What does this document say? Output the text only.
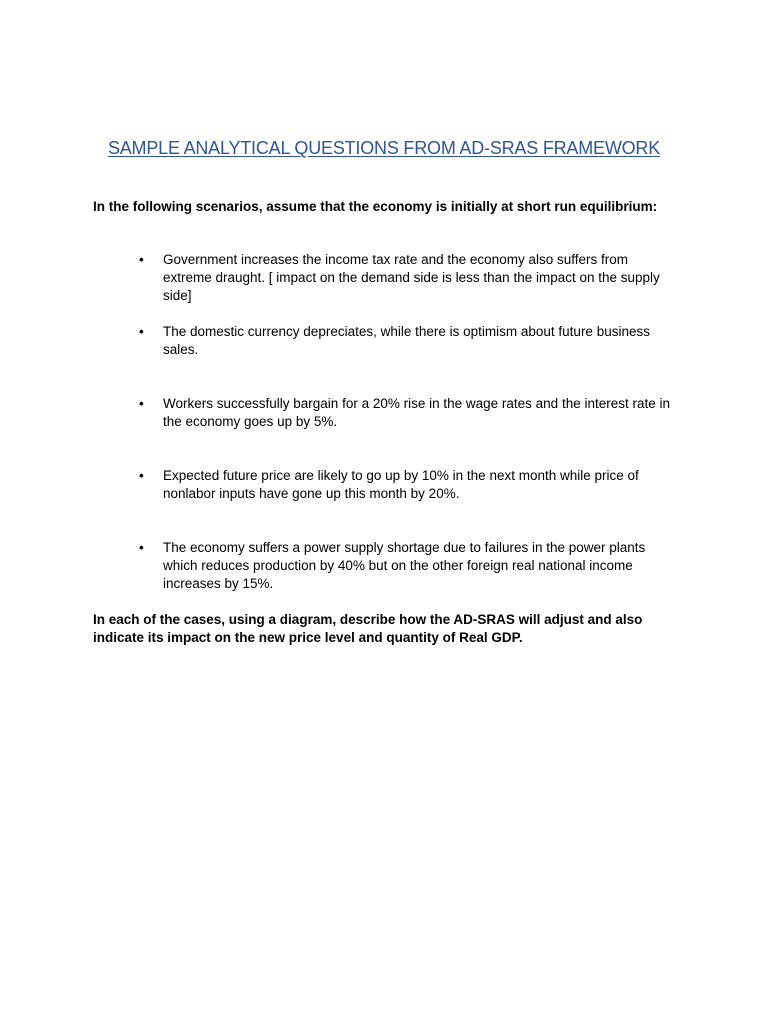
SAMPLE ANALYTICAL QUESTIONS FROM AD-SRAS FRAMEWORK
In the following scenarios, assume that the economy is initially at short run equilibrium:
•	Government increases the income tax rate and the economy also suffers from extreme draught. [ impact on the demand side is less than the impact on the supply side]
•	The domestic currency depreciates, while there is optimism about future business sales.
•	Workers successfully bargain for a 20% rise in the wage rates and the interest rate in the economy goes up by 5%.
•	Expected future price are likely to go up by 10% in the next month while price of nonlabor inputs have gone up this month by 20%.
•	The economy suffers a power supply shortage due to failures in the power plants which reduces production by 40% but on the other foreign real national income increases by 15%.
In each of the cases, using a diagram, describe how the AD-SRAS will adjust and also indicate its impact on the new price level and quantity of Real GDP.
